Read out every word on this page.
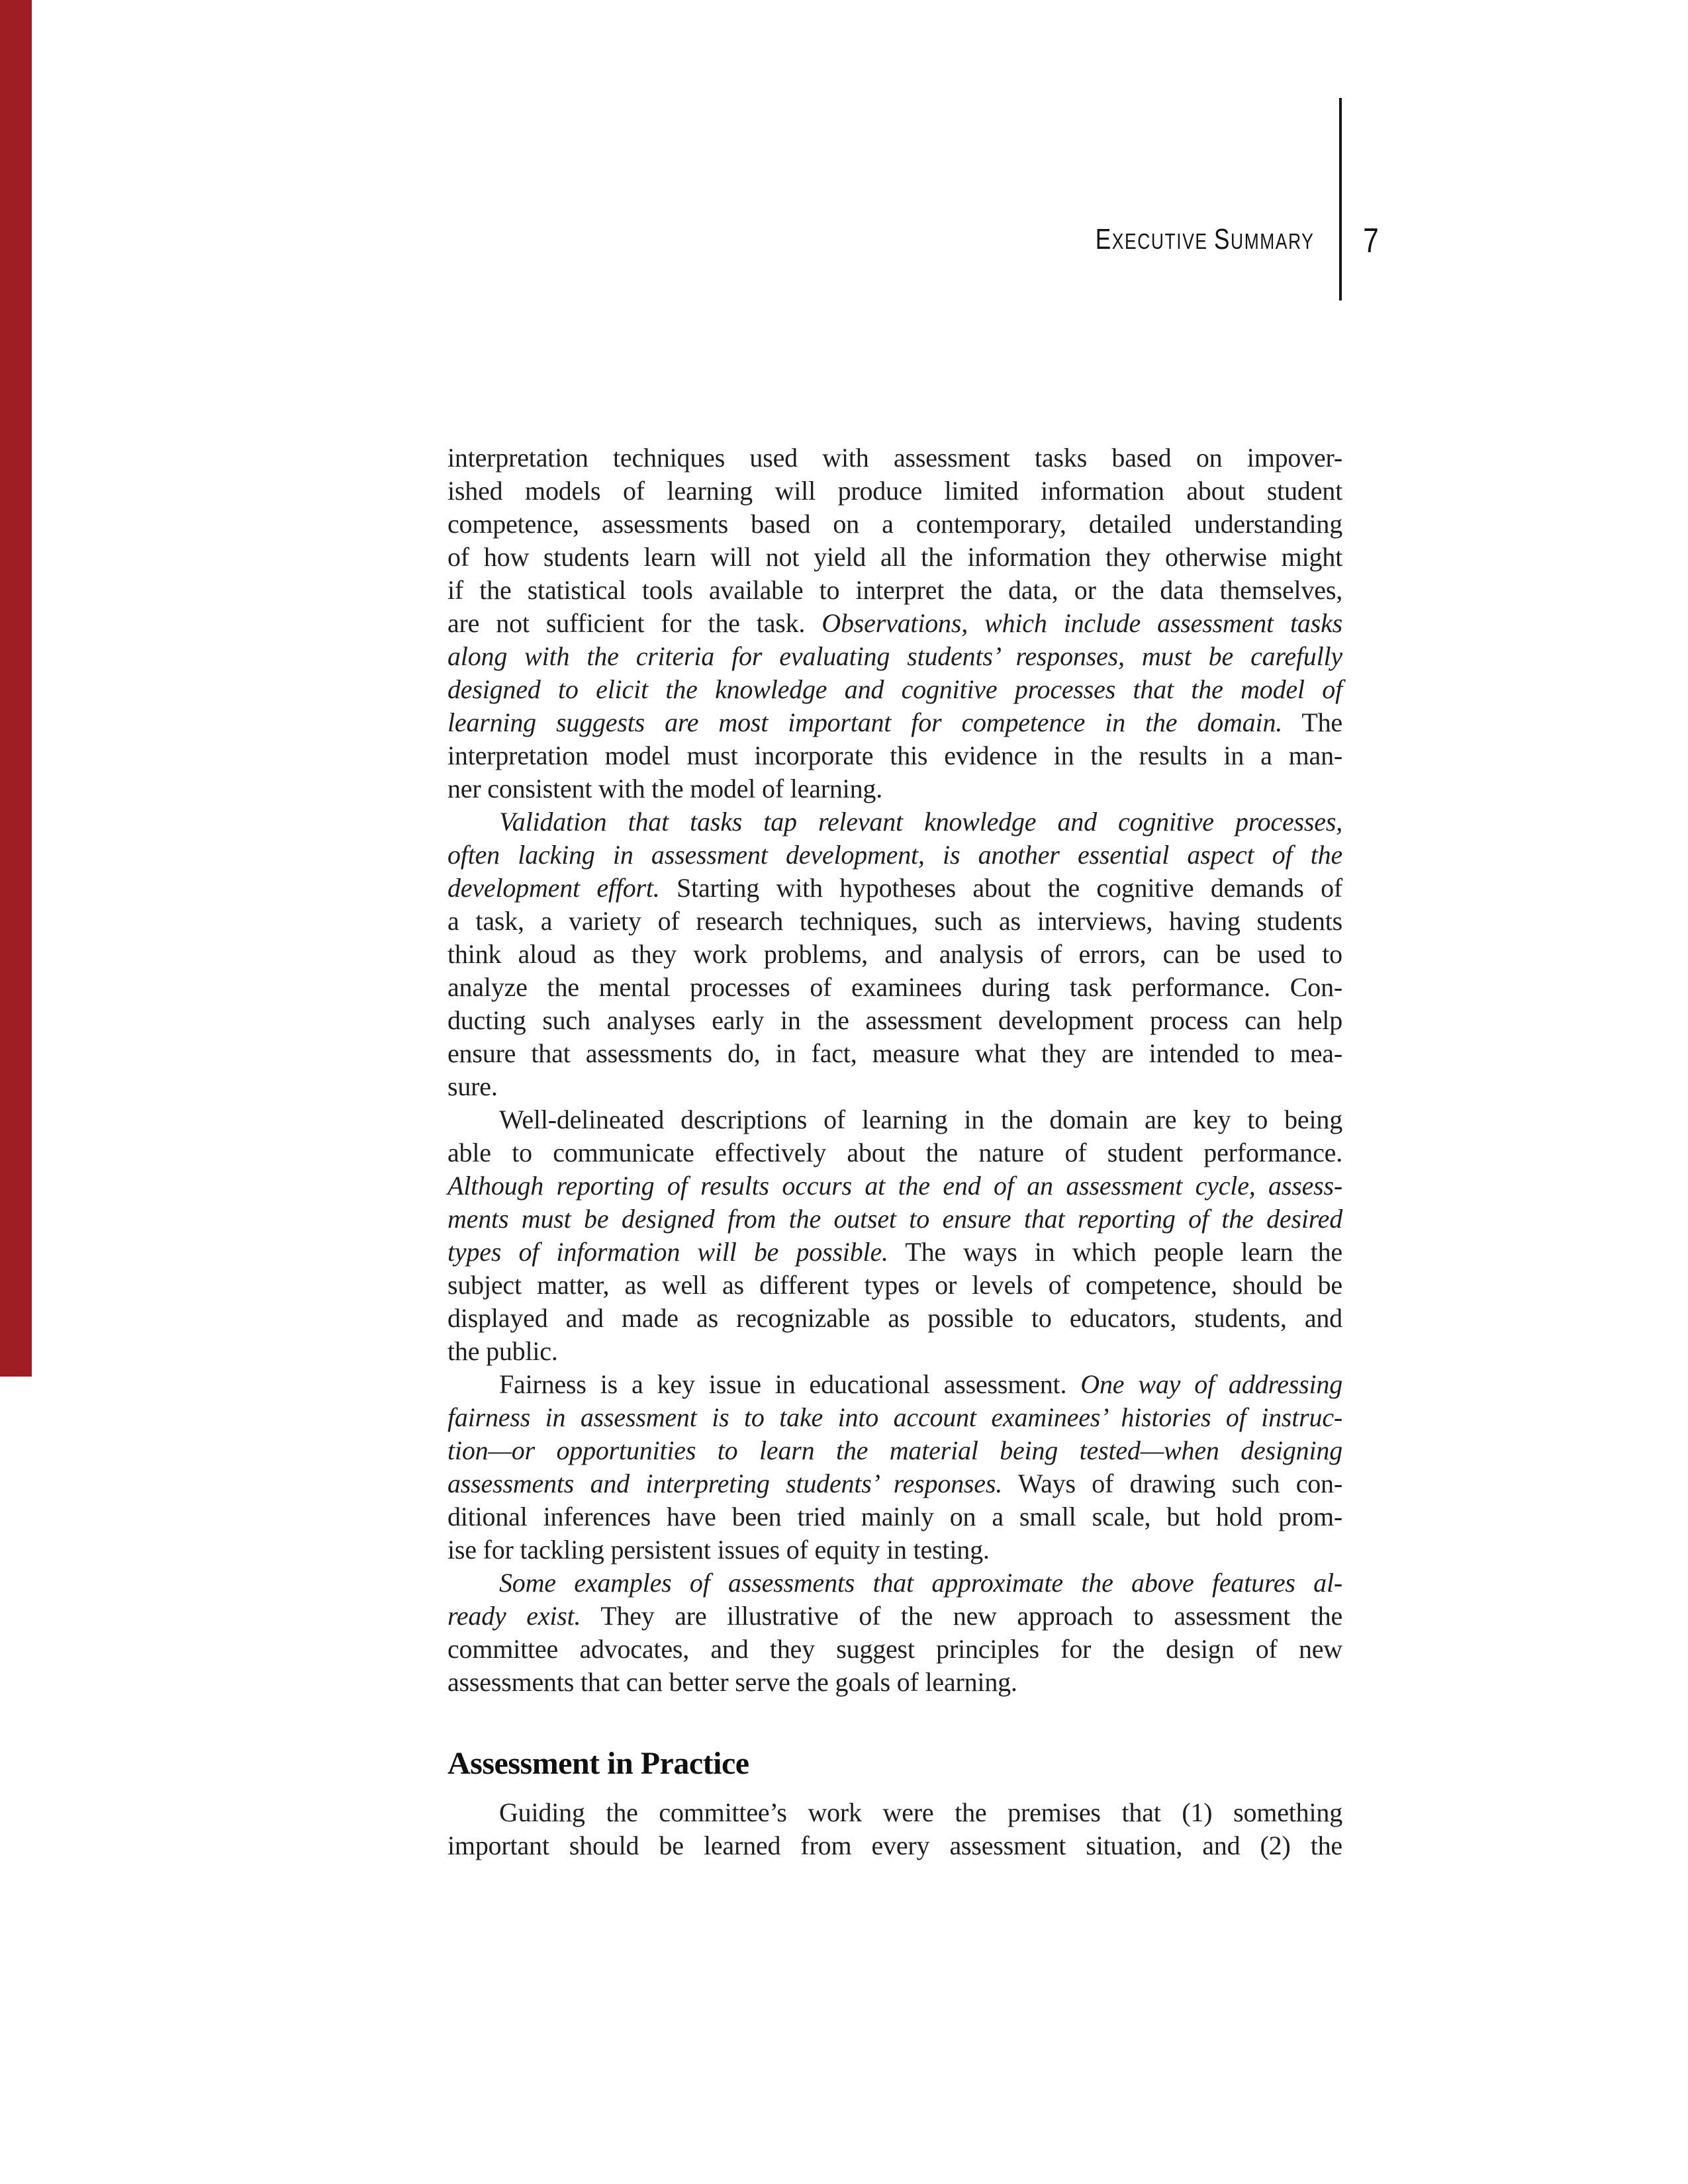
EXECUTIVE  SUMMARY	7
interpretation techniques used with assessment tasks based on impover-
ished models of learning will produce limited information about student
competence, assessments based on a contemporary, detailed understanding
of how students learn will not yield all the information they otherwise might
if the statistical tools available to interpret the data, or the data themselves,
are not sufficient for the task. Observations, which include assessment tasks
along with the criteria for evaluating students’ responses, must be carefully
designed to elicit the knowledge and cognitive processes that the model of
learning suggests are most important for competence in the domain. The
interpretation model must incorporate this evidence in the results in a man-
ner consistent with the model of learning.
Validation that tasks tap relevant knowledge and cognitive processes,
often lacking in assessment development, is another essential aspect of the
development effort. Starting with hypotheses about the cognitive demands of
a task, a variety of research techniques, such as interviews, having students
think aloud as they work problems, and analysis of errors, can be used to
analyze the mental processes of examinees during task performance. Con-
ducting such analyses early in the assessment development process can help
ensure that assessments do, in fact, measure what they are intended to mea-
sure.
Well-delineated descriptions of learning in the domain are key to being
able to communicate effectively about the nature of student performance.
Although reporting of results occurs at the end of an assessment cycle, assess-
ments must be designed from the outset to ensure that reporting of the desired
types of information will be possible. The ways in which people learn the
subject matter, as well as different types or levels of competence, should be
displayed and made as recognizable as possible to educators, students, and
the public.
Fairness is a key issue in educational assessment. One way of addressing
fairness in assessment is to take into account examinees’ histories of instruc-
tion—or opportunities to learn the material being tested—when designing
assessments and interpreting students’ responses. Ways of drawing such con-
ditional inferences have been tried mainly on a small scale, but hold prom-
ise for tackling persistent issues of equity in testing.
Some examples of assessments that approximate the above features al-
ready exist. They are illustrative of the new approach to assessment the
committee advocates, and they suggest principles for the design of new
assessments that can better serve the goals of learning.
Assessment in Practice
Guiding the committee’s work were the premises that (1) something
important should be learned from every assessment situation, and (2) the
